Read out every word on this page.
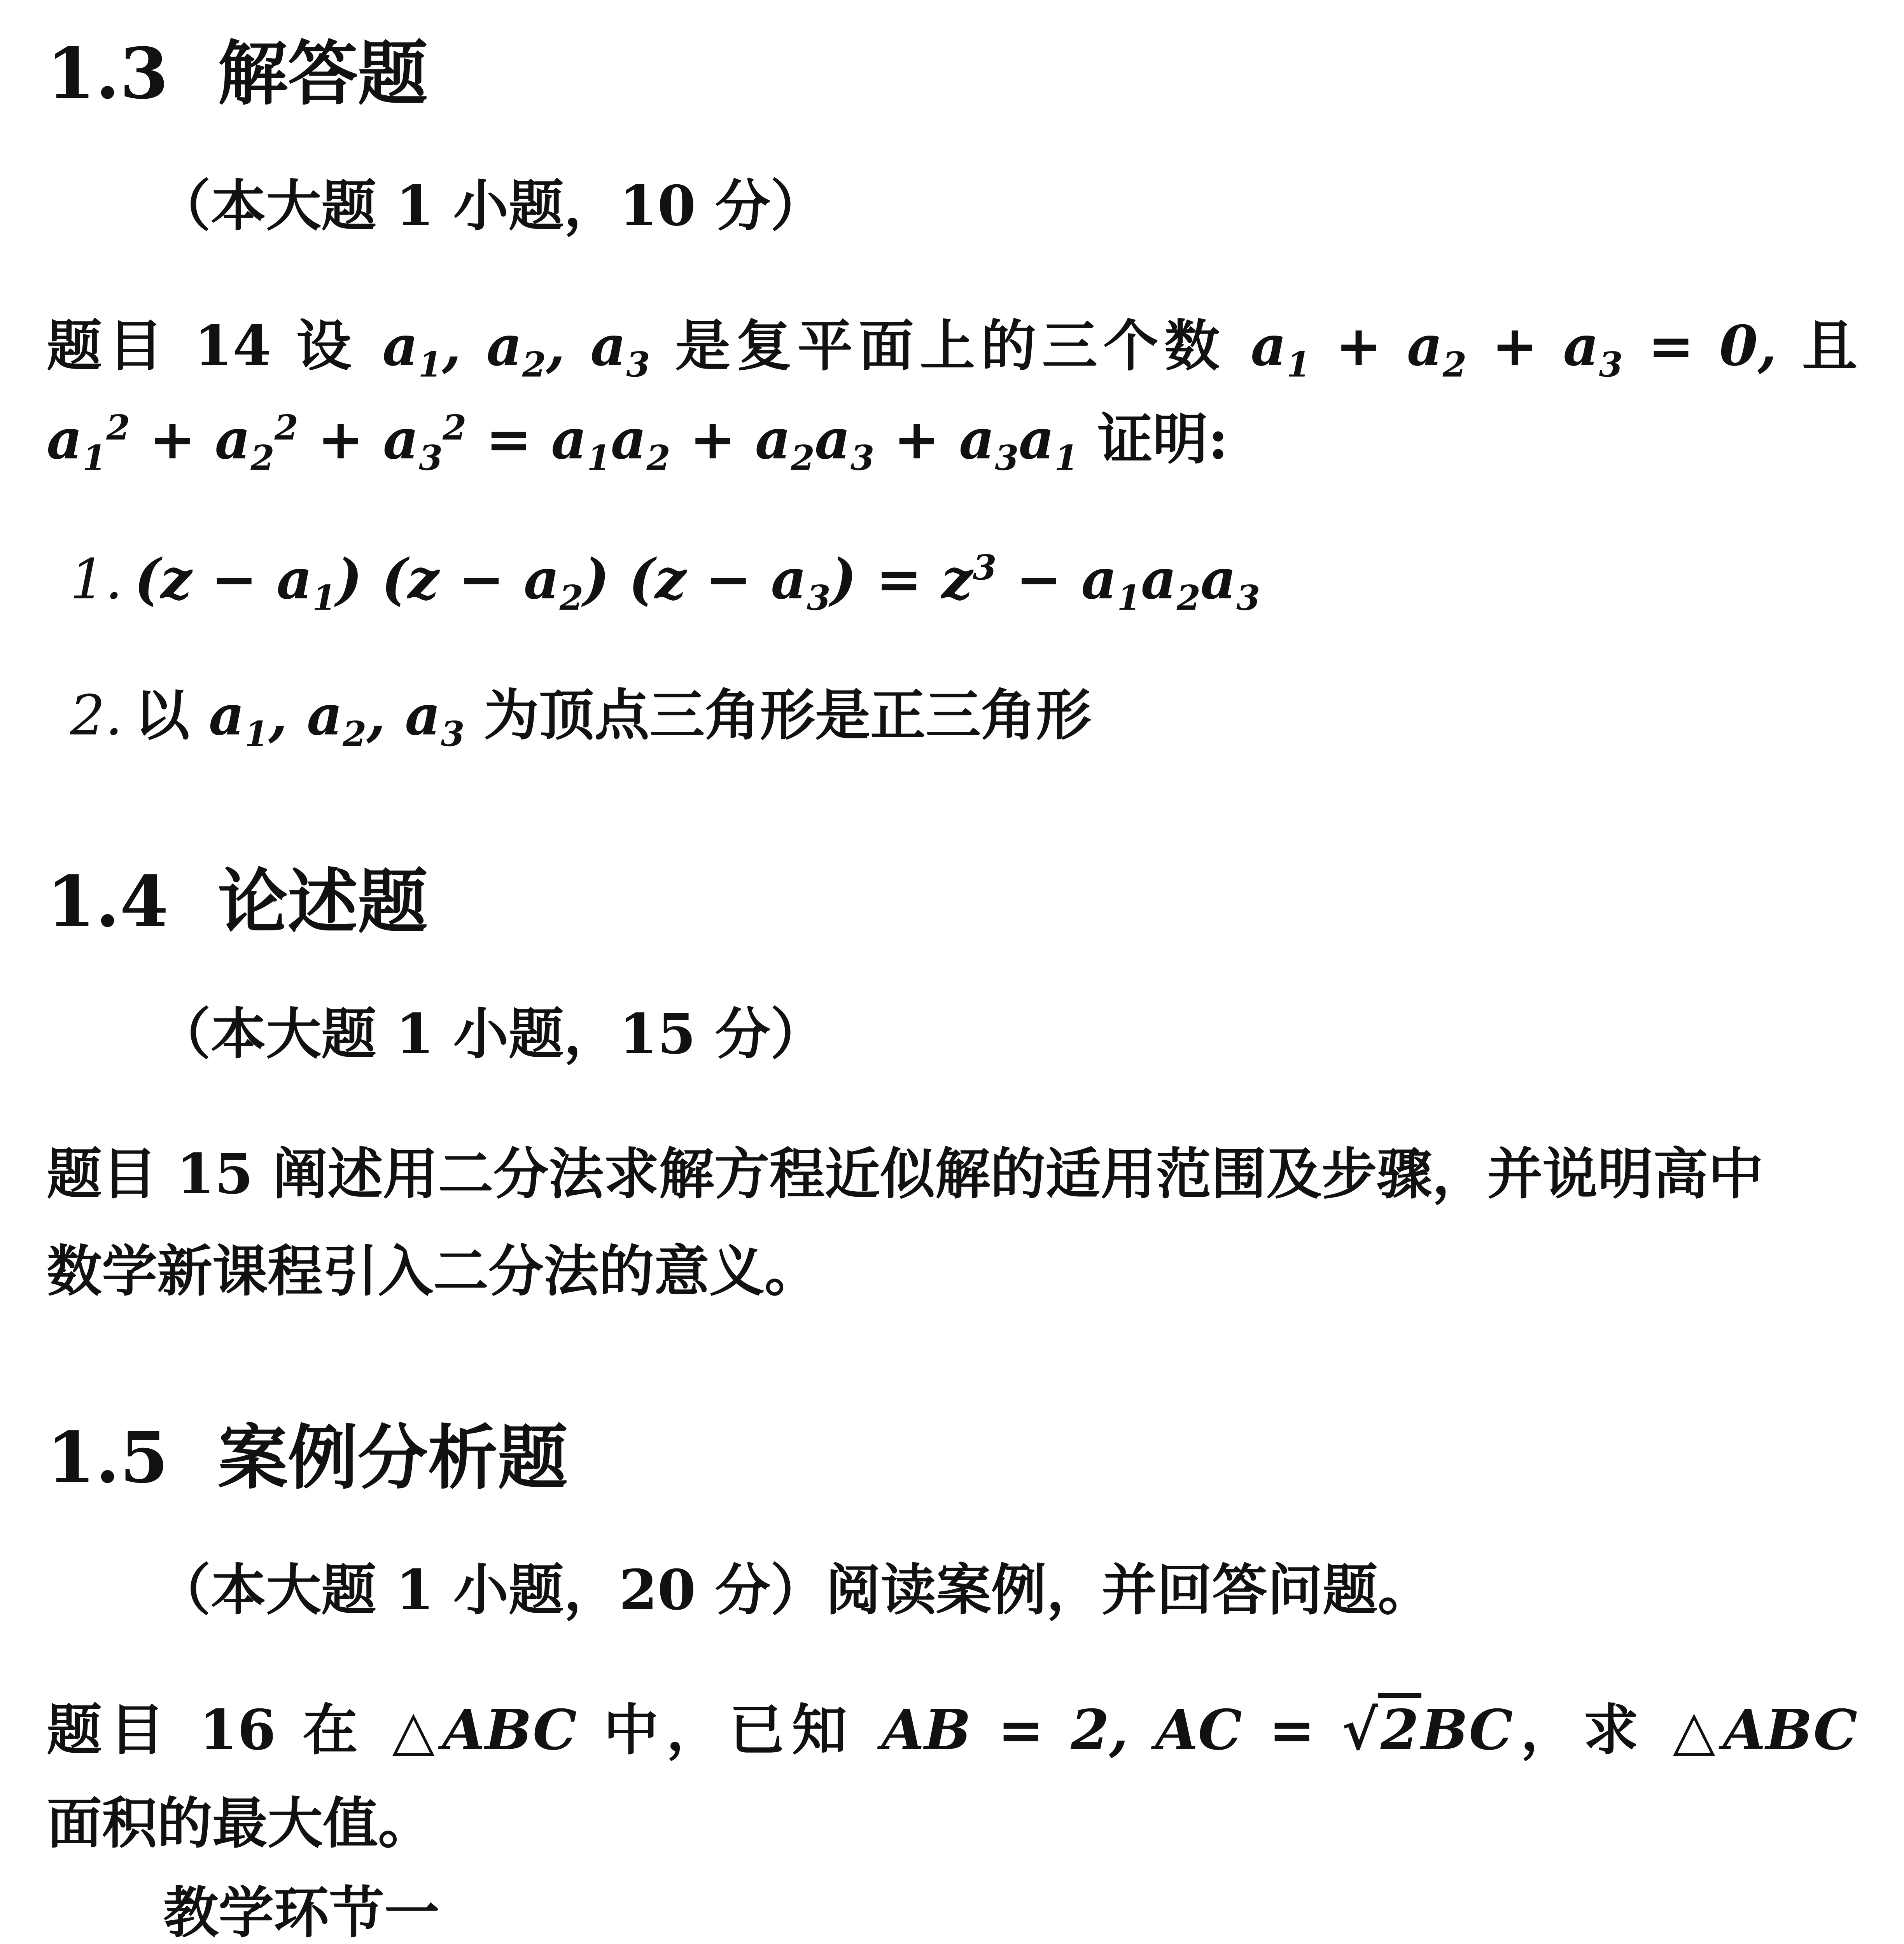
1.3 解答题
（本大题 1 小题，10 分）
题目 14 设 $a_1$, $a_2$, $a_3$ 是复平面上的三个数 $a_1 + a_2 + a_3 = 0$, 且
$a_1^2 + a_2^2 + a_3^2 = a_1a_2 + a_2a_3 + a_3a_1$ 证明:
1. $(z - a_1)$ $(z - a_2)$ $(z - a_3) = z^3 - a_1a_2a_3$
2. 以 $a_1$, $a_2$, $a_3$ 为顶点三角形是正三角形
1.4 论述题
（本大题 1 小题，15 分）
题目 15 阐述用二分法求解方程近似解的适用范围及步骤，并说明高中
数学新课程引入二分法的意义。
1.5 案例分析题
（本大题 1 小题，20 分）阅读案例，并回答问题。
题目 16 在 △ABC 中，已知 AB = 2, AC = √2BC，求 △ABC
面积的最大值。
教学环节一
